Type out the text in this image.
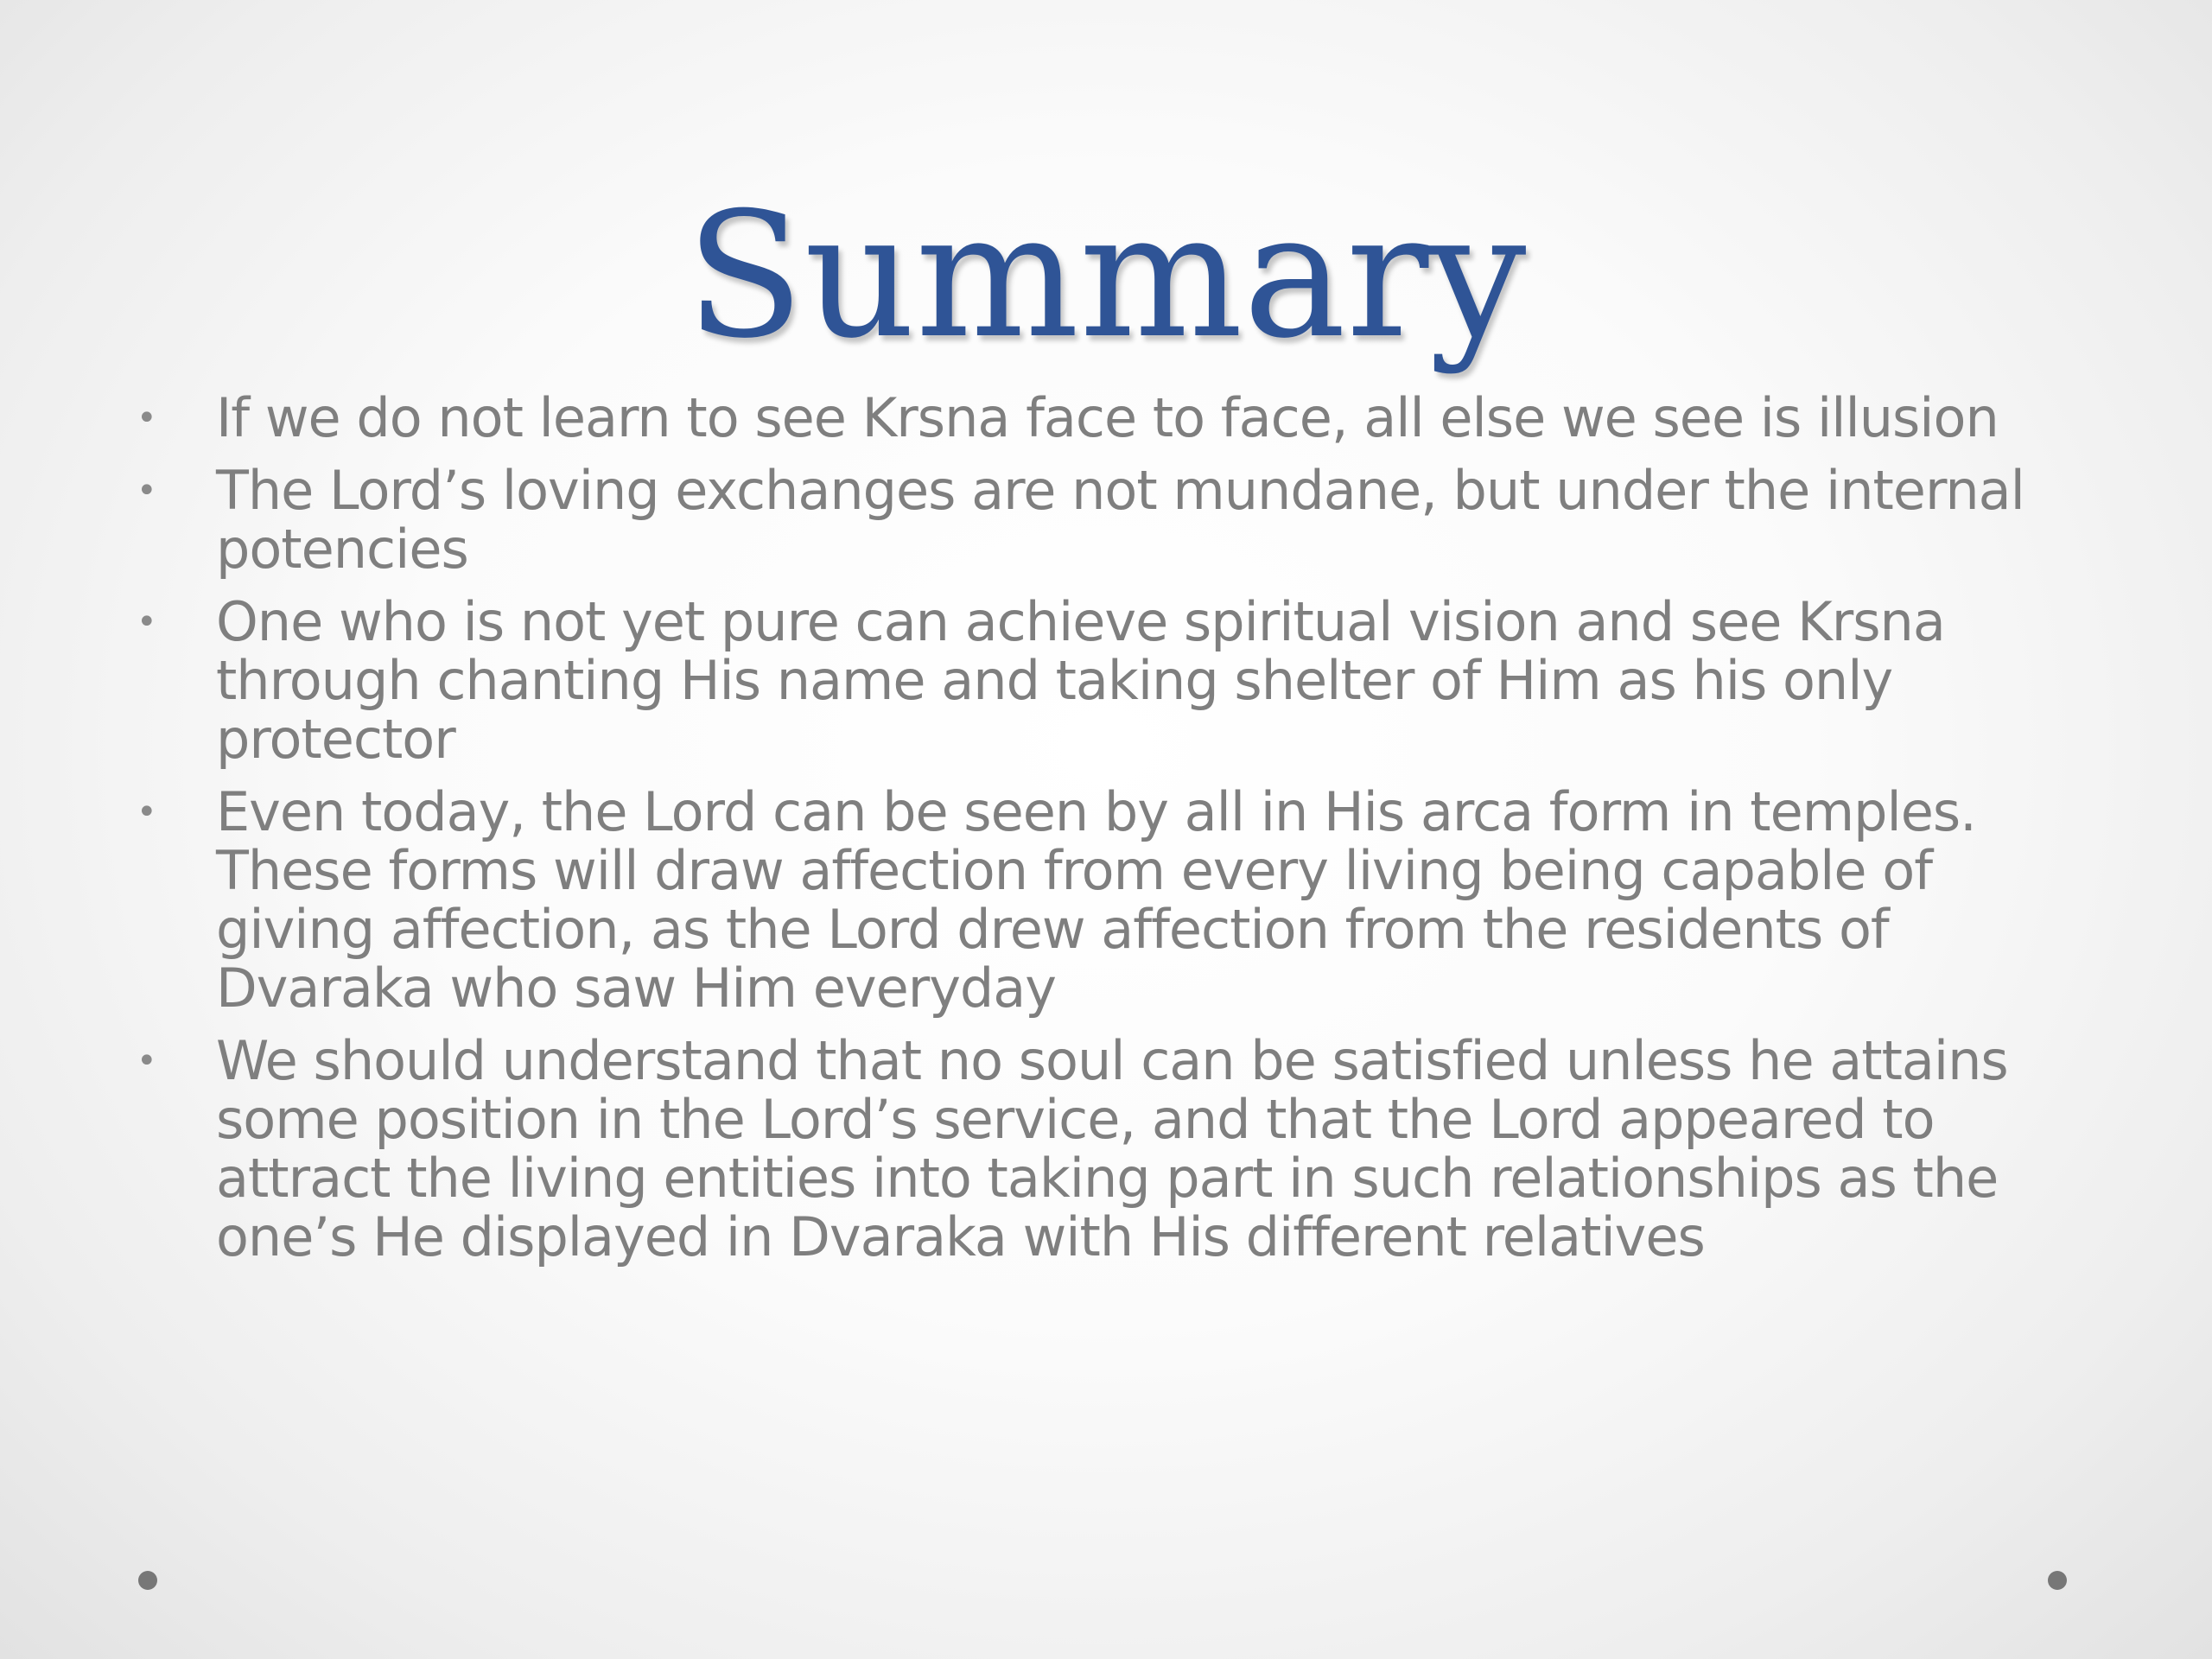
Summary
• If we do not learn to see Krsna face to face, all else we see is illusion
• The Lord’s loving exchanges are not mundane, but under the internal potencies
• One who is not yet pure can achieve spiritual vision and see Krsna through chanting His name and taking shelter of Him as his only protector
• Even today, the Lord can be seen by all in His arca form in temples. These forms will draw affection from every living being capable of giving affection, as the Lord drew affection from the residents of Dvaraka who saw Him everyday
• We should understand that no soul can be satisfied unless he attains some position in the Lord’s service, and that the Lord appeared to attract the living entities into taking part in such relationships as the one’s He displayed in Dvaraka with His different relatives
